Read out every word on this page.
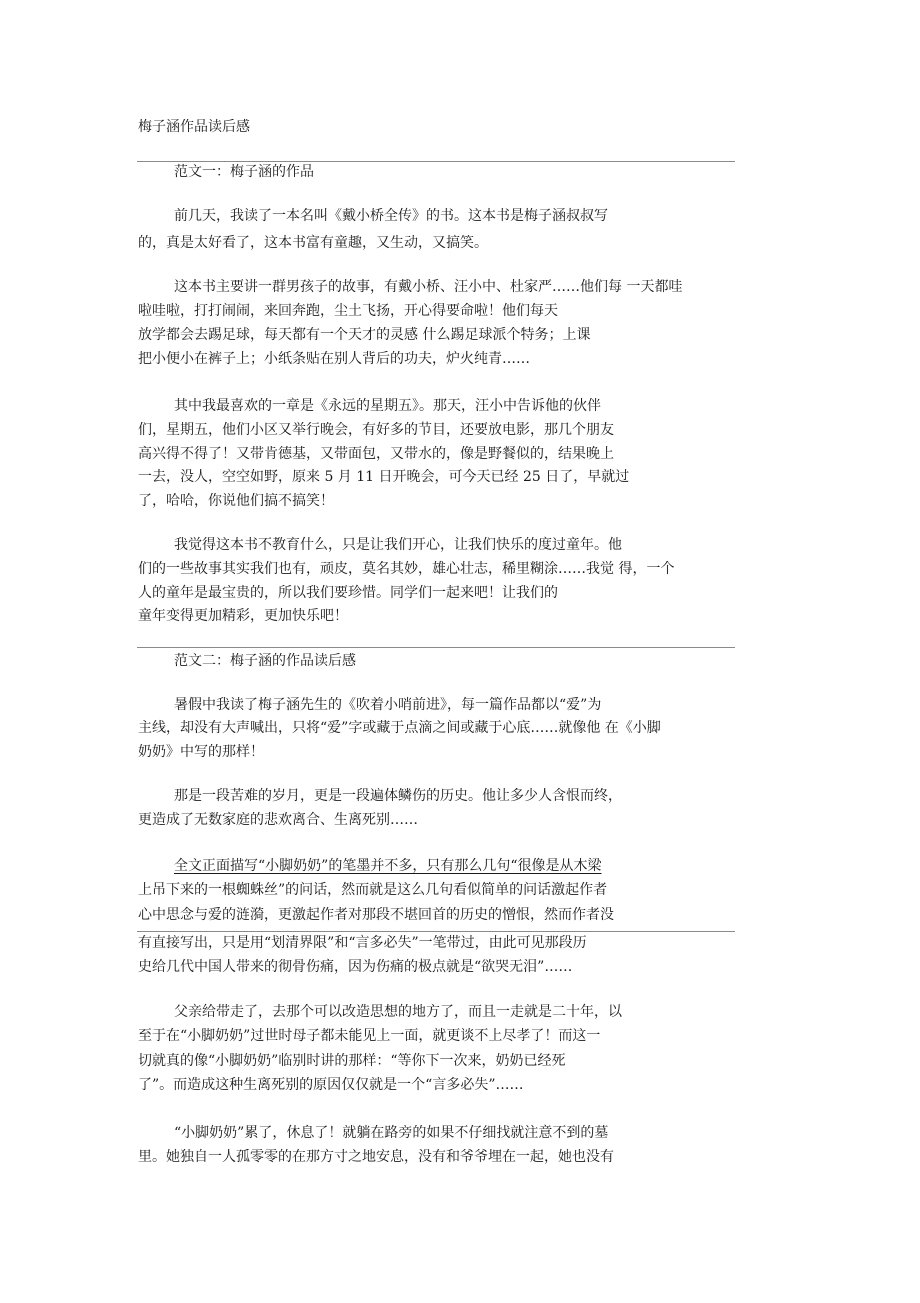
梅子涵作品读后感
范文一：梅子涵的作品
前几天，我读了一本名叫《戴小桥全传》的书。这本书是梅子涵叔叔写
的，真是太好看了，这本书富有童趣，又生动，又搞笑。
这本书主要讲一群男孩子的故事，有戴小桥、汪小中、杜家严……他们每 一天都哇
啦哇啦，打打闹闹，来回奔跑，尘土飞扬，开心得要命啦！他们每天
放学都会去踢足球，每天都有一个天才的灵感 什么踢足球派个特务；上课
把小便小在裤子上；小纸条贴在别人背后的功夫，炉火纯青……
其中我最喜欢的一章是《永远的星期五》。那天，汪小中告诉他的伙伴
们，星期五，他们小区又举行晚会，有好多的节目，还要放电影，那几个朋友
高兴得不得了！又带肯德基，又带面包，又带水的，像是野餐似的，结果晚上
一去，没人，空空如野，原来 5 月 11 日开晚会，可今天已经 25 日了，早就过
了，哈哈，你说他们搞不搞笑！
我觉得这本书不教育什么，只是让我们开心，让我们快乐的度过童年。他
们的一些故事其实我们也有，顽皮，莫名其妙，雄心壮志，稀里糊涂……我觉 得，一个
人的童年是最宝贵的，所以我们要珍惜。同学们一起来吧！让我们的
童年变得更加精彩，更加快乐吧！
范文二：梅子涵的作品读后感
暑假中我读了梅子涵先生的《吹着小哨前进》，每一篇作品都以“爱”为
主线，却没有大声喊出，只将“爱”字或藏于点滴之间或藏于心底……就像他 在《小脚
奶奶》中写的那样！
那是一段苦难的岁月，更是一段遍体鳞伤的历史。他让多少人含恨而终，
更造成了无数家庭的悲欢离合、生离死别……
全文正面描写“小脚奶奶”的笔墨并不多，只有那么几句“很像是从木梁
上吊下来的一根蜘蛛丝”的问话，然而就是这么几句看似简单的问话激起作者
心中思念与爱的涟漪，更激起作者对那段不堪回首的历史的憎恨，然而作者没
有直接写出，只是用“划清界限”和“言多必失”一笔带过，由此可见那段历
史给几代中国人带来的彻骨伤痛，因为伤痛的极点就是“欲哭无泪”……
父亲给带走了，去那个可以改造思想的地方了，而且一走就是二十年，以
至于在“小脚奶奶”过世时母子都未能见上一面，就更谈不上尽孝了！而这一
切就真的像“小脚奶奶”临别时讲的那样：“等你下一次来，奶奶已经死
了”。而造成这种生离死别的原因仅仅就是一个“言多必失”……
“小脚奶奶”累了，休息了！就躺在路旁的如果不仔细找就注意不到的墓
里。她独自一人孤零零的在那方寸之地安息，没有和爷爷埋在一起，她也没有
